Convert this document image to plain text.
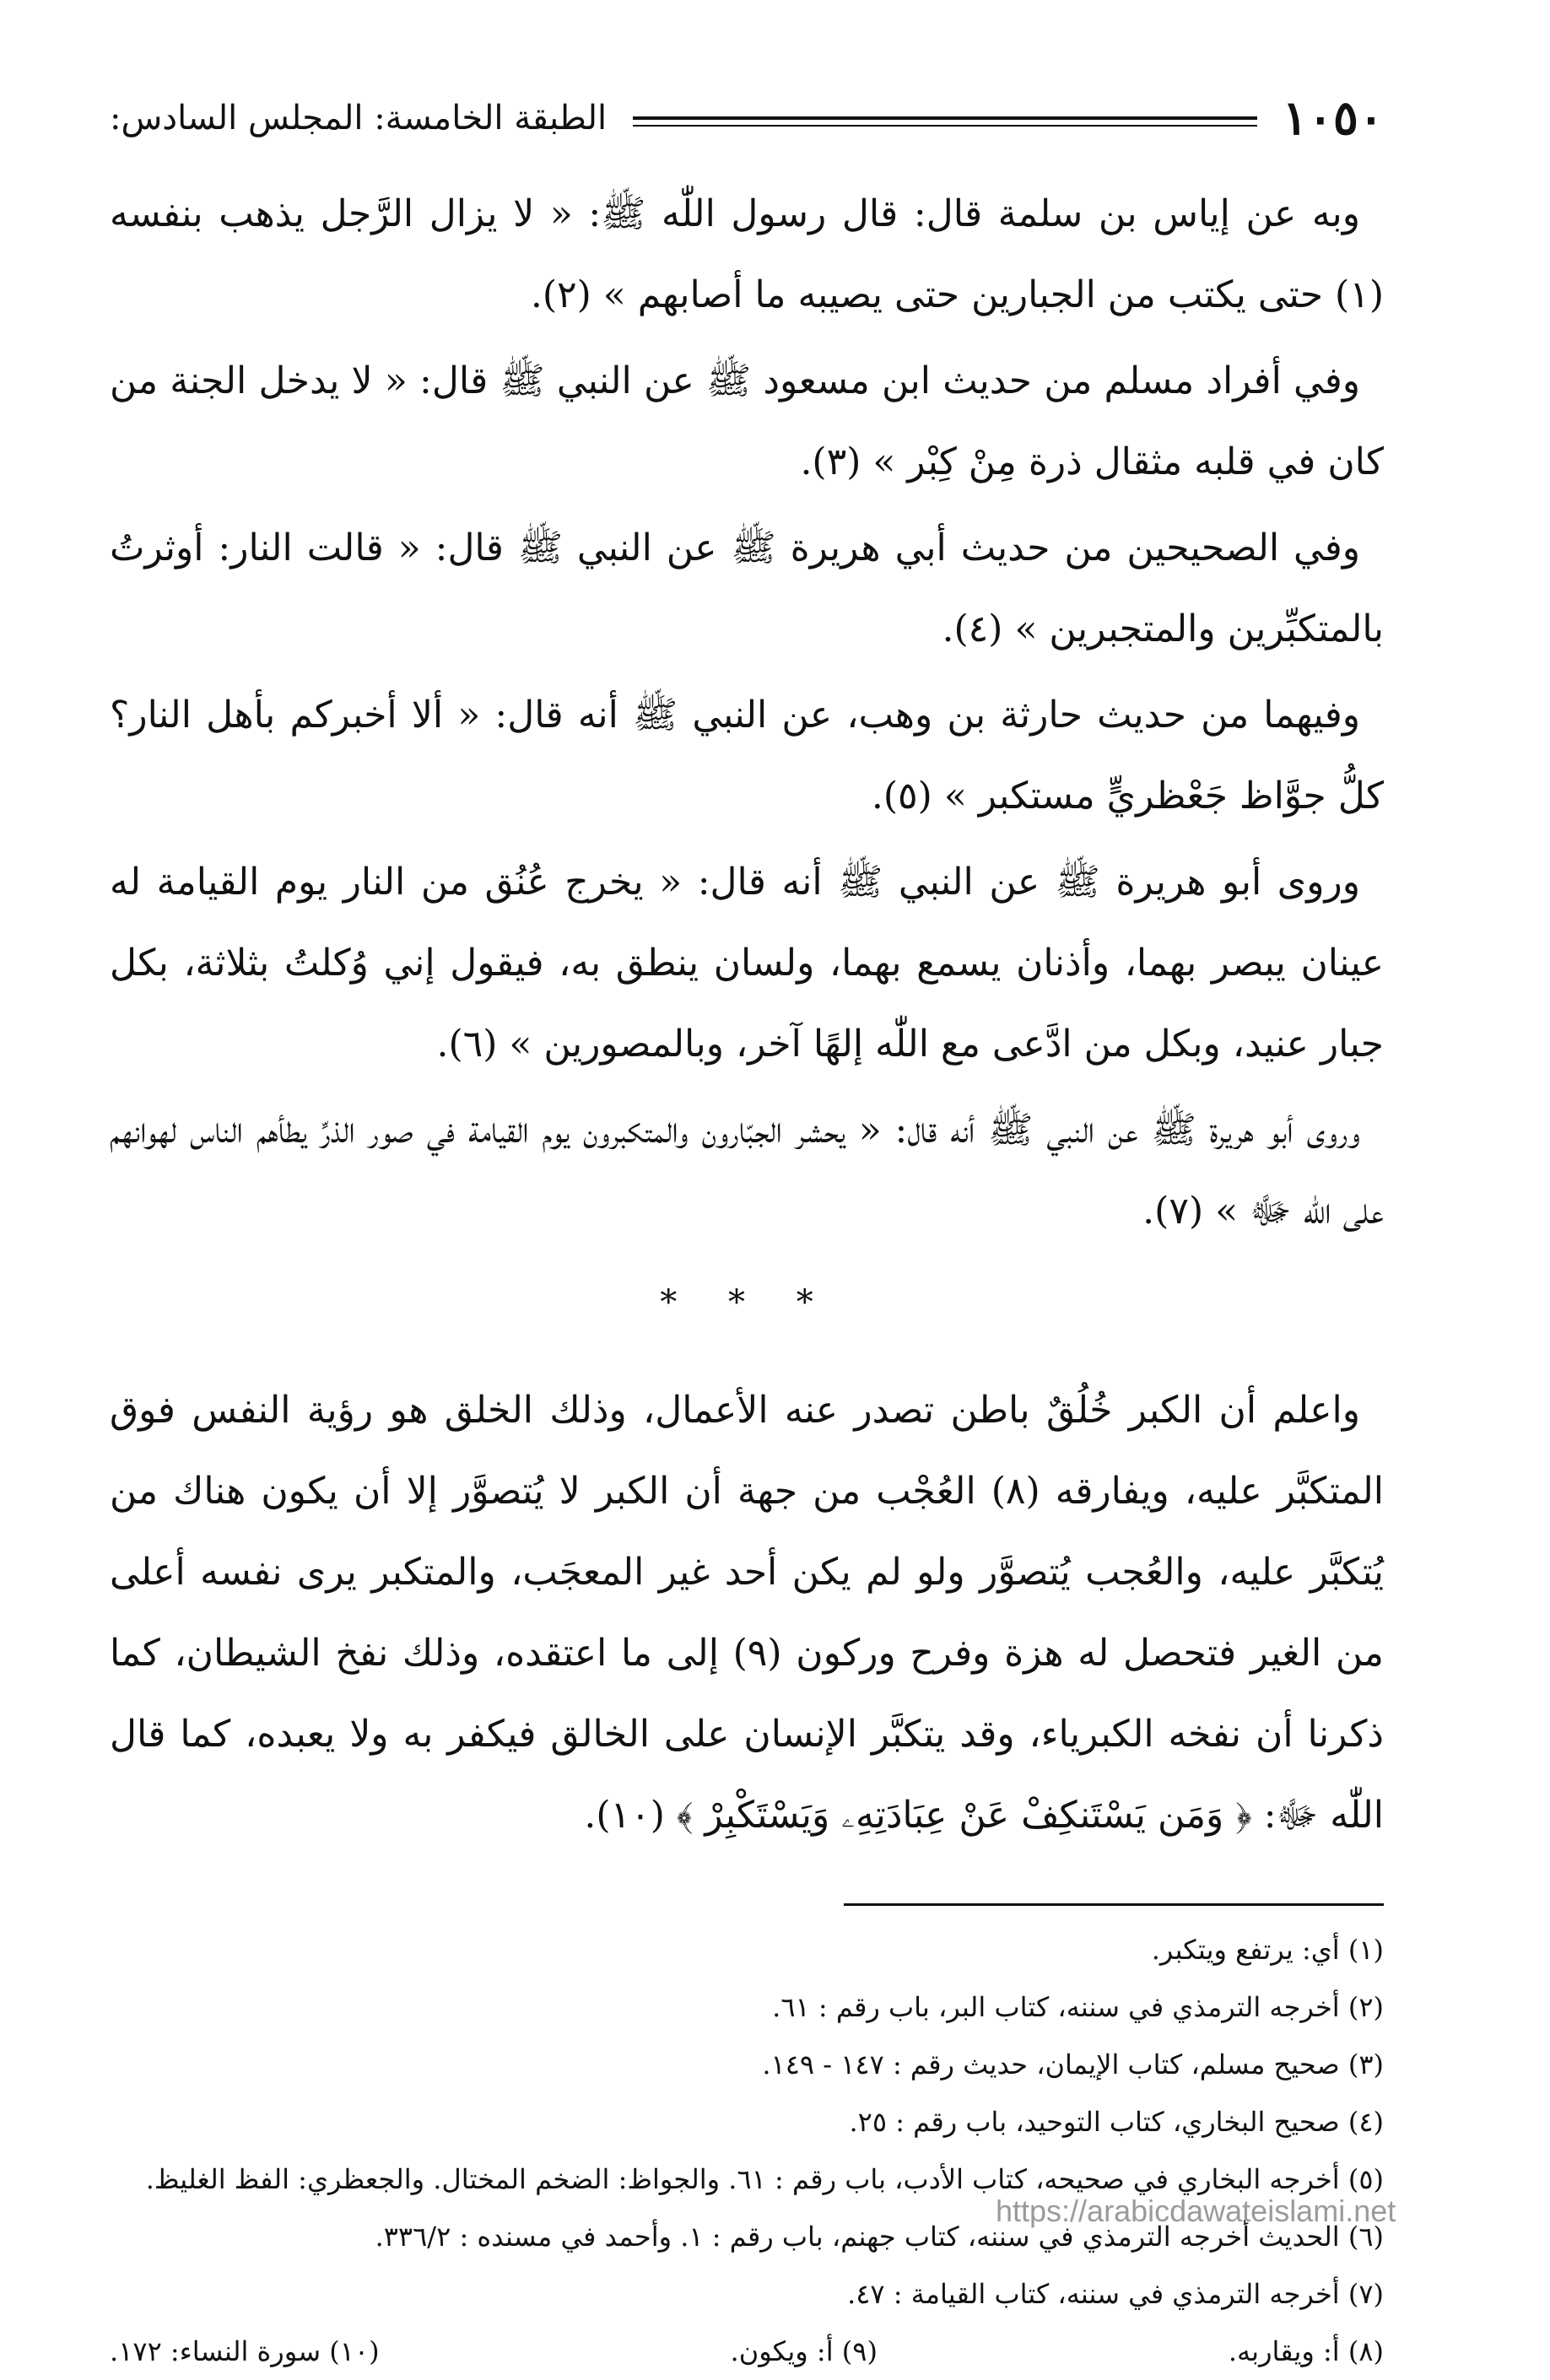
١٠٥٠
الطبقة الخامسة: المجلس السادس:

وبه عن إياس بن سلمة قال: قال رسول اللّٰه ﷺ: « لا يزال الرَّجل يذهب بنفسه (١) حتى يكتب من الجبارين حتى يصيبه ما أصابهم » (٢).

وفي أفراد مسلم من حديث ابن مسعود ﷺ عن النبي ﷺ قال: « لا يدخل الجنة من كان في قلبه مثقال ذرة مِنْ كِبْر » (٣).

وفي الصحيحين من حديث أبي هريرة ﷺ عن النبي ﷺ قال: « قالت النار: أوثرتُ بالمتكبِّرين والمتجبرين » (٤).

وفيهما من حديث حارثة بن وهب، عن النبي ﷺ أنه قال: « ألا أخبركم بأهل النار؟ كلُّ جوَّاظ جَعْظريٍّ مستكبر » (٥).

وروى أبو هريرة ﷺ عن النبي ﷺ أنه قال: « يخرج عُنُق من النار يوم القيامة له عينان يبصر بهما، وأذنان يسمع بهما، ولسان ينطق به، فيقول إني وُكلتُ بثلاثة، بكل جبار عنيد، وبكل من ادَّعى مع اللّٰه إلهًا آخر، وبالمصورين » (٦).

وروى أبو هريرة ﷺ عن النبي ﷺ أنه قال: « يحشر الجبّارون والمتكبرون يوم القيامة في صور الذرِّ يطأهم الناس لهوانهم على اللّٰه ﷻ » (٧).

* * *

واعلم أن الكبر خُلُقٌ باطن تصدر عنه الأعمال، وذلك الخلق هو رؤية النفس فوق المتكبَّر عليه، ويفارقه (٨) العُجْب من جهة أن الكبر لا يُتصوَّر إلا أن يكون هناك من يُتكبَّر عليه، والعُجب يُتصوَّر ولو لم يكن أحد غير المعجَب، والمتكبر يرى نفسه أعلى من الغير فتحصل له هزة وفرح وركون (٩) إلى ما اعتقده، وذلك نفخ الشيطان، كما ذكرنا أن نفخه الكبرياء، وقد يتكبَّر الإنسان على الخالق فيكفر به ولا يعبده، كما قال اللّٰه ﷻ: ﴿ وَمَن يَسْتَنكِفْ عَنْ عِبَادَتِهِۦ وَيَسْتَكْبِرْ ﴾ (١٠).

(١) أي: يرتفع ويتكبر.

(٢) أخرجه الترمذي في سننه، كتاب البر، باب رقم : ٦١.

(٣) صحيح مسلم، كتاب الإيمان، حديث رقم : ١٤٧ - ١٤٩.

(٤) صحيح البخاري، كتاب التوحيد، باب رقم : ٢٥.

(٥) أخرجه البخاري في صحيحه، كتاب الأدب، باب رقم : ٦١. والجواظ: الضخم المختال. والجعظري: الفظ الغليظ.

(٦) الحديث أخرجه الترمذي في سننه، كتاب جهنم، باب رقم : ١. وأحمد في مسنده : ٣٣٦/٢.

(٧) أخرجه الترمذي في سننه، كتاب القيامة : ٤٧.

(٨) أ: ويقاربه.
(٩) أ: ويكون.
(١٠) سورة النساء: ١٧٢.
https://arabicdawateislami.net
